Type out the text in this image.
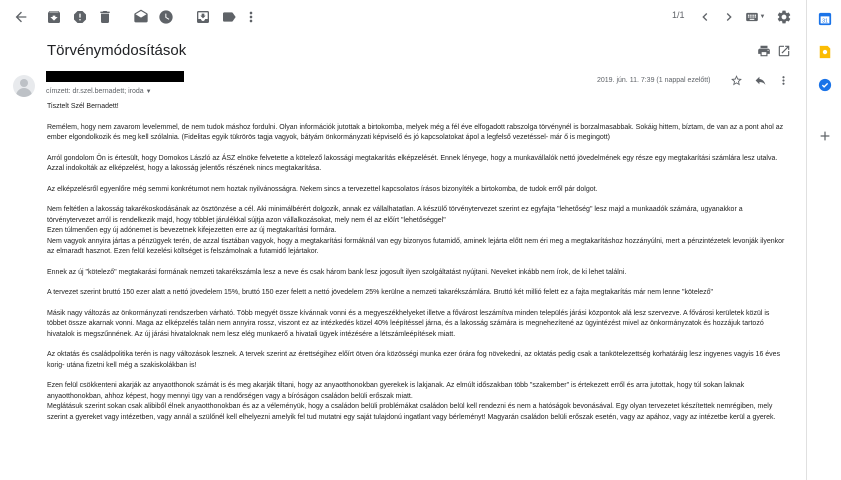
1/1	▼
31
Törvénymódosítások
címzett: dr.szel.bernadett; iroda ▼
2019. jún. 11. 7:39 (1 nappal ezelőtt)

Tisztelt Szél Bernadett!

Remélem, hogy nem zavarom levelemmel, de nem tudok máshoz fordulni. Olyan információk jutottak a birtokomba, melyek még a fél éve elfogadott rabszolga törvénynél is borzalmasabbak. Sokáig hittem, bíztam, de van az a pont ahol az ember elgondolkozik és meg kell szólalnia. (Fidelitas egyik tükrörös tagja vagyok, bátyám önkormányzati képviselő és jó kapcsolatokat ápol a legfelső vezetéssel- már ő is megingott)

Arról gondolom Ön is értesült, hogy Domokos László az ÁSZ elnöke felvetette a kötelező lakossági megtakarítás elképzelését. Ennek lényege, hogy a munkavállalók nettó jövedelmének egy része egy megtakarítási számlára lesz utalva. Azzal indokolták az elképzelést, hogy a lakosság jelentős részének nincs megtakarítása.

Az elképzelésről egyenlőre még semmi konkrétumot nem hoztak nyilvánosságra. Nekem sincs a tervezettel kapcsolatos írásos bizonyíték a birtokomba, de tudok erről pár dolgot.

Nem feltétlen a lakosság takarékoskodásának az ösztönzése a cél. Aki minimálbérért dolgozik, annak ez vállalhatatlan. A készülő törvénytervezet szerint ez egyfajta "lehetőség" lesz majd a munkaadók számára, ugyanakkor a törvénytervezet arról is rendelkezik majd, hogy többlet járulékkal sújtja azon vállalkozásokat, mely nem él az előírt "lehetőséggel"

Ezen túlmenően egy új adónemet is bevezetnek kifejezetten erre az új megtakarítási formára.

Nem vagyok annyira jártas a pénzügyek terén, de azzal tisztában vagyok, hogy a megtakarítási formáknál van egy bizonyos futamidő, aminek lejárta előtt nem éri meg a megtakarításhoz hozzányúlni, mert a pénzintézetek levonják ilyenkor az elmaradt hasznot. Ezen felül kezelési költséget is felszámolnak a futamidő lejártakor.

Ennek az új "kötelező" megtakarási formának nemzeti takarékszámla lesz a neve és csak három bank lesz jogosult ilyen szolgáltatást nyújtani. Neveket inkább nem írok, de ki lehet találni.

A tervezet szerint bruttó 150 ezer alatt a nettó jövedelem 15%, bruttó 150 ezer felett a nettó jövedelem 25% kerülne a nemzeti takarékszámlára. Bruttó két millió felett ez a fajta megtakarítás már nem lenne "kötelező"

Másik nagy változás az önkormányzati rendszerben várható. Több megyét össze kívánnak vonni és a megyeszékhelyeket illetve a fővárost leszámítva minden település járási központok alá lesz szervezve. A fővárosi kerületek közül is többet össze akarnak vonni. Maga az elképzelés talán nem annyira rossz, viszont ez az intézkedés közel 40% leépítéssel járna, és a lakosság számára is megnehezítené az ügyintézést mivel az önkormányzatok és hozzájuk tartozó hivatalok is megszűnnének. Az új járási hivataloknak nem lesz elég munkaerő a hivatali ügyek intézésére a létszámleépítések miatt.

Az oktatás és családpolitika terén is nagy változások lesznek. A tervek szerint az érettségihez előírt ötven óra közösségi munka ezer órára fog növekedni, az oktatás pedig csak a tankötelezettség korhatáráig lesz ingyenes vagyis 16 éves korig- utána fizetni kell még a szakiskolákban is!

Ezen felül csökkenteni akarják az anyaotthonok számát is és meg akarják tiltani, hogy az anyaotthonokban gyerekek is lakjanak. Az elmúlt időszakban több "szakember" is értekezett erről és arra jutottak, hogy túl sokan laknak anyaotthonokban, ahhoz képest, hogy mennyi ügy van a rendőrségen vagy a bíróságon családon belüli erőszak miatt.

Meglátásuk szerint sokan csak alibiből élnek anyaotthonokban és az a véleményük, hogy a családon belüli problémákat családon belül kell rendezni és nem a hatóságok bevonásával. Egy olyan tervezetet készítettek nemrégiben, mely szerint a gyereket vagy intézetben, vagy annál a szülőnél kell elhelyezni amelyik fel tud mutatni egy saját tulajdonú ingatlant vagy bérleményt! Magyarán családon belüli erőszak esetén, vagy az apához, vagy az intézetbe kerül a gyerek.
